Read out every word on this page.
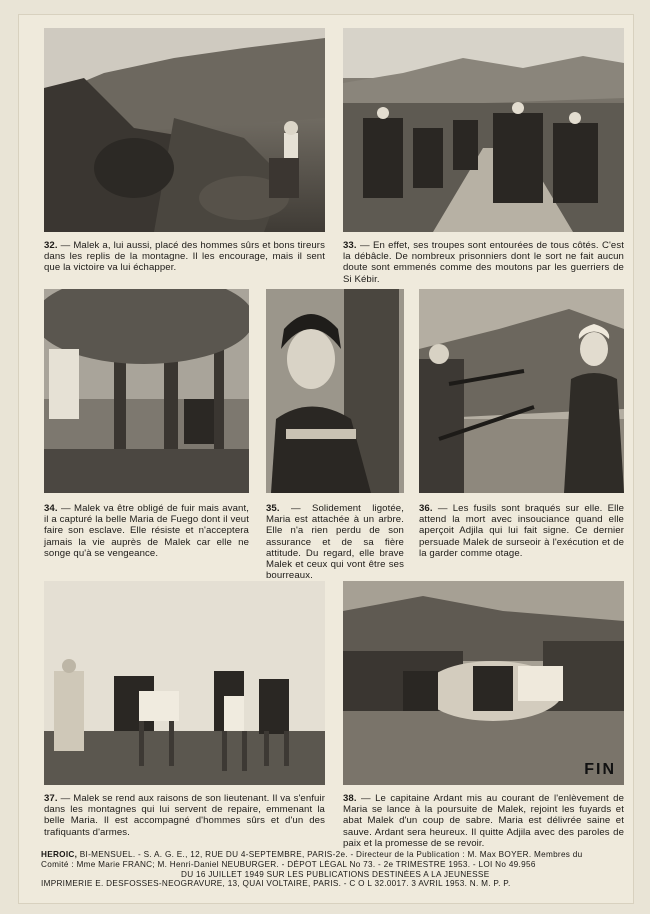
32. — Malek a, lui aussi, placé des hommes sûrs et bons tireurs dans les replis de la montagne. Il les encourage, mais il sent que la victoire va lui échapper.
33. — En effet, ses troupes sont entourées de tous côtés. C'est la débâcle. De nombreux prisonniers dont le sort ne fait aucun doute sont emmenés comme des moutons par les guerriers de Si Kébir.
34. — Malek va être obligé de fuir mais avant, il a capturé la belle Maria de Fuego dont il veut faire son esclave. Elle résiste et n'acceptera jamais la vie auprès de Malek car elle ne songe qu'à se vengeance.
35. — Solidement ligotée, Maria est attachée à un arbre. Elle n'a rien perdu de son assurance et de sa fière attitude. Du regard, elle brave Malek et ceux qui vont être ses bourreaux.
36. — Les fusils sont braqués sur elle. Elle attend la mort avec insouciance quand elle aperçoit Adjila qui lui fait signe. Ce dernier persuade Malek de surseoir à l'exécution et de la garder comme otage.
FIN
37. — Malek se rend aux raisons de son lieutenant. Il va s'enfuir dans les montagnes qui lui servent de repaire, emmenant la belle Maria. Il est accompagné d'hommes sûrs et d'un des trafiquants d'armes.
38. — Le capitaine Ardant mis au courant de l'enlèvement de Maria se lance à la poursuite de Malek, rejoint les fuyards et abat Malek d'un coup de sabre. Maria est délivrée saine et sauve. Ardant sera heureux. Il quitte Adjila avec des paroles de paix et la promesse de se revoir.
HEROIC, BI-MENSUEL. - S. A. G. E., 12, RUE DU 4-SEPTEMBRE, PARIS-2e. - Directeur de la Publication : M. Max BOYER. Membres du
Comité : Mme Marie FRANC; M. Henri-Daniel NEUBURGER. - DÉPOT LÉGAL No 73. - 2e TRIMESTRE 1953. - LOI No 49.956
DU 16 JUILLET 1949 SUR LES PUBLICATIONS DESTINÉES A LA JEUNESSE
IMPRIMERIE E. DESFOSSES-NEOGRAVURE, 13, QUAI VOLTAIRE, PARIS. - C O L 32.0017. 3 AVRIL 1953. N. M. P. P.
